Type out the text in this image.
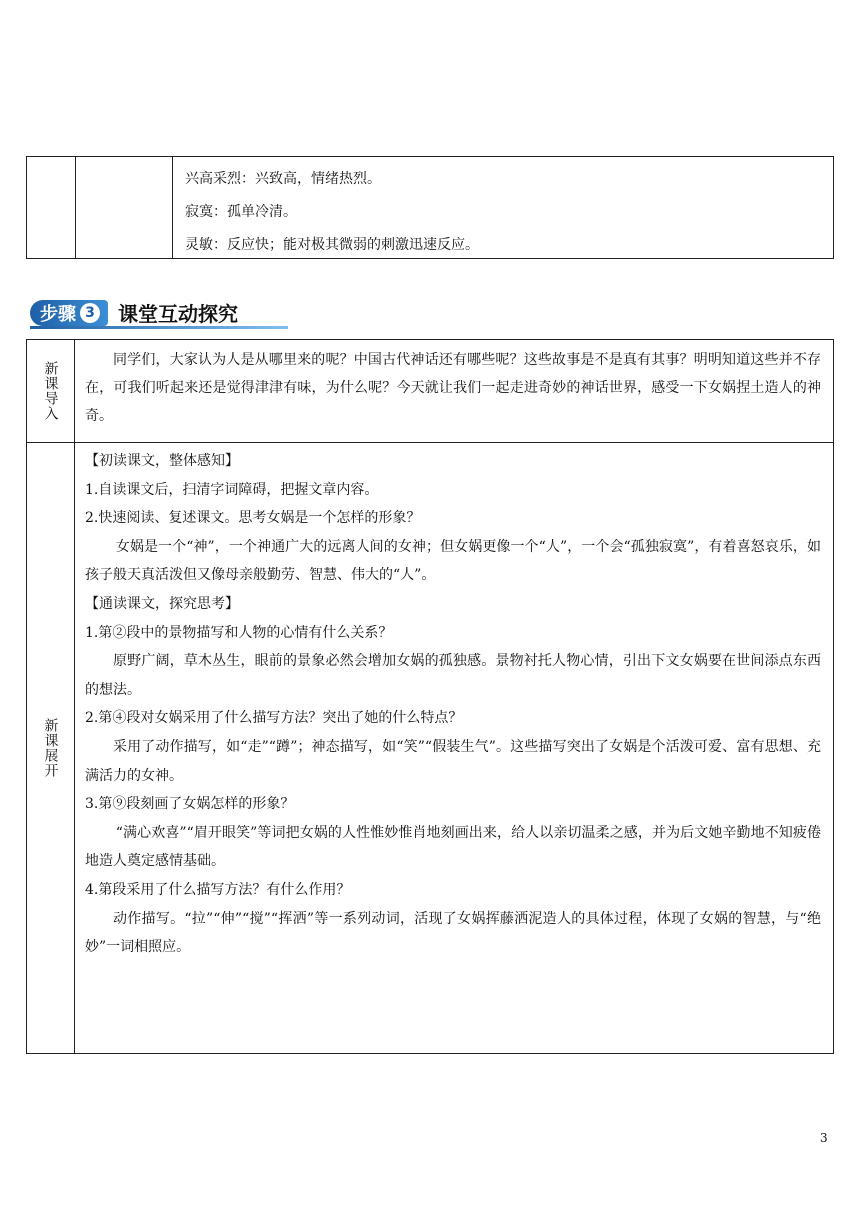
兴高采烈：兴致高，情绪热烈。

寂寞：孤单冷清。

灵敏：反应快；能对极其微弱的刺激迅速反应。

步骤 3 课堂互动探究
新课导入

同学们，大家认为人是从哪里来的呢？中国古代神话还有哪些呢？这些故事是不是真有其事？明明知道这些并不存在，可我们听起来还是觉得津津有味，为什么呢？今天就让我们一起走进奇妙的神话世界，感受一下女娲捏土造人的神奇。

新课展开

【初读课文，整体感知】

1.自读课文后，扫清字词障碍，把握文章内容。

2.快速阅读、复述课文。思考女娲是一个怎样的形象？

女娲是一个“神”，一个神通广大的远离人间的女神；但女娲更像一个“人”，一个会“孤独寂寞”，有着喜怒哀乐，如孩子般天真活泼但又像母亲般勤劳、智慧、伟大的“人”。

【通读课文，探究思考】

1.第②段中的景物描写和人物的心情有什么关系？

原野广阔，草木丛生，眼前的景象必然会增加女娲的孤独感。景物衬托人物心情，引出下文女娲要在世间添点东西的想法。

2.第④段对女娲采用了什么描写方法？突出了她的什么特点？

采用了动作描写，如“走”“蹲”；神态描写，如“笑”“假装生气”。这些描写突出了女娲是个活泼可爱、富有思想、充满活力的女神。

3.第⑨段刻画了女娲怎样的形象？

“满心欢喜”“眉开眼笑”等词把女娲的人性惟妙惟肖地刻画出来，给人以亲切温柔之感，并为后文她辛勤地不知疲倦地造人奠定感情基础。

4.第段采用了什么描写方法？有什么作用？

动作描写。“拉”“伸”“搅”“挥洒”等一系列动词，活现了女娲挥藤洒泥造人的具体过程，体现了女娲的智慧，与“绝妙”一词相照应。

3
